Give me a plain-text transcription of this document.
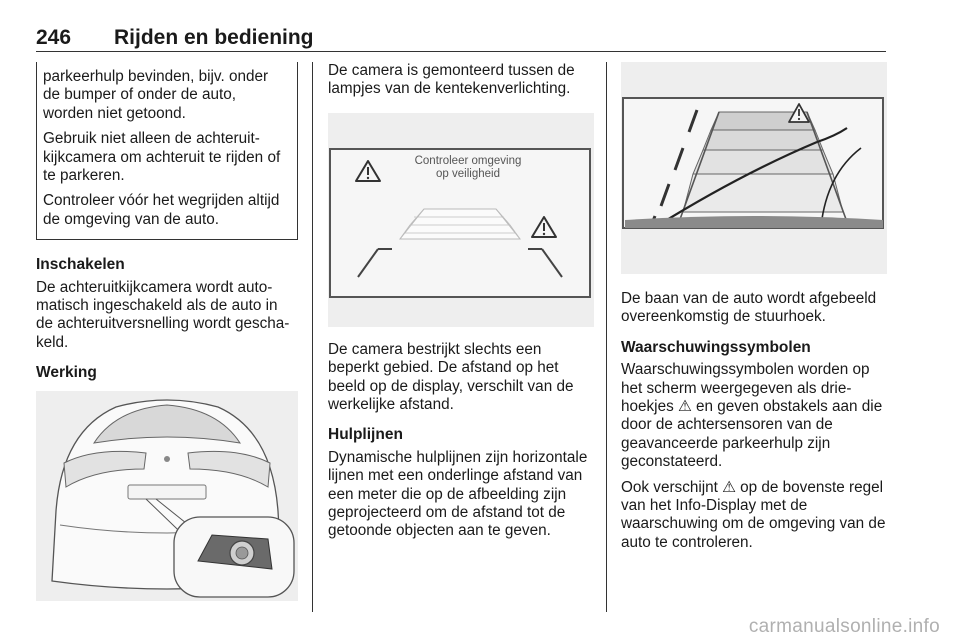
246 Rijden en bediening

parkeerhulp bevinden, bijv. onder de bumper of onder de auto, worden niet getoond.

Gebruik niet alleen de achteruitkijkcamera om achteruit te rijden of te parkeren.

Controleer vóór het wegrijden altijd de omgeving van de auto.

Inschakelen

De achteruitkijkcamera wordt automatisch ingeschakeld als de auto in de achteruitversnelling wordt geschakeld.

Werking

De camera is gemonteerd tussen de lampjes van de kentekenverlichting.

Controleer omgeving
op veiligheid

De camera bestrijkt slechts een beperkt gebied. De afstand op het beeld op de display, verschilt van de werkelijke afstand.

Hulplijnen

Dynamische hulplijnen zijn horizontale lijnen met een onderlinge afstand van een meter die op de afbeelding zijn geprojecteerd om de afstand tot de getoonde objecten aan te geven.

De baan van de auto wordt afgebeeld overeenkomstig de stuurhoek.

Waarschuwingssymbolen

Waarschuwingssymbolen worden op het scherm weergegeven als driehoekjes ⚠ en geven obstakels aan die door de achtersensoren van de geavanceerde parkeerhulp zijn geconstateerd.

Ook verschijnt ⚠ op de bovenste regel van het Info-Display met de waarschuwing om de omgeving van de auto te controleren.

carmanualsonline.info
